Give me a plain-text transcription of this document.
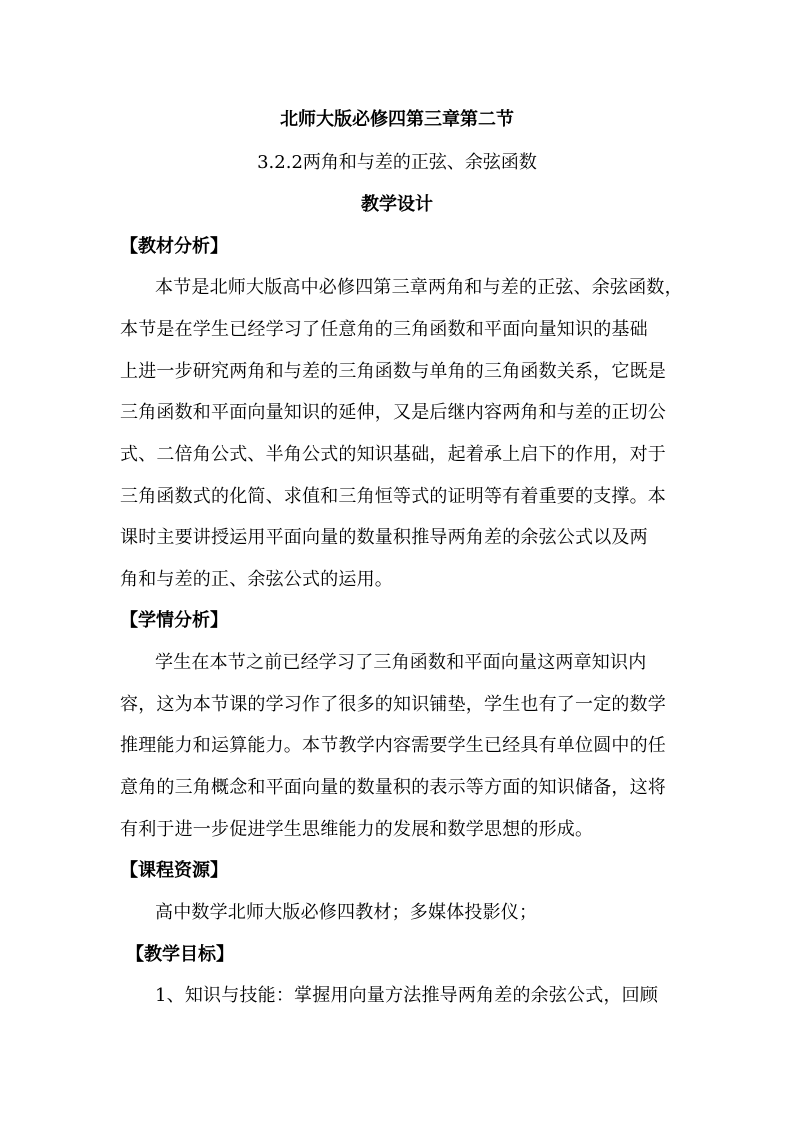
北师大版必修四第三章第二节
3.2.2两角和与差的正弦、余弦函数
教学设计
【教材分析】
本节是北师大版高中必修四第三章两角和与差的正弦、余弦函数，
本节是在学生已经学习了任意角的三角函数和平面向量知识的基础
上进一步研究两角和与差的三角函数与单角的三角函数关系，它既是
三角函数和平面向量知识的延伸，又是后继内容两角和与差的正切公
式、二倍角公式、半角公式的知识基础，起着承上启下的作用，对于
三角函数式的化简、求值和三角恒等式的证明等有着重要的支撑。本
课时主要讲授运用平面向量的数量积推导两角差的余弦公式以及两
角和与差的正、余弦公式的运用。
【学情分析】
学生在本节之前已经学习了三角函数和平面向量这两章知识内
容，这为本节课的学习作了很多的知识铺垫，学生也有了一定的数学
推理能力和运算能力。本节教学内容需要学生已经具有单位圆中的任
意角的三角概念和平面向量的数量积的表示等方面的知识储备，这将
有利于进一步促进学生思维能力的发展和数学思想的形成。
【课程资源】
高中数学北师大版必修四教材；多媒体投影仪；
【教学目标】
1、知识与技能：掌握用向量方法推导两角差的余弦公式，回顾
